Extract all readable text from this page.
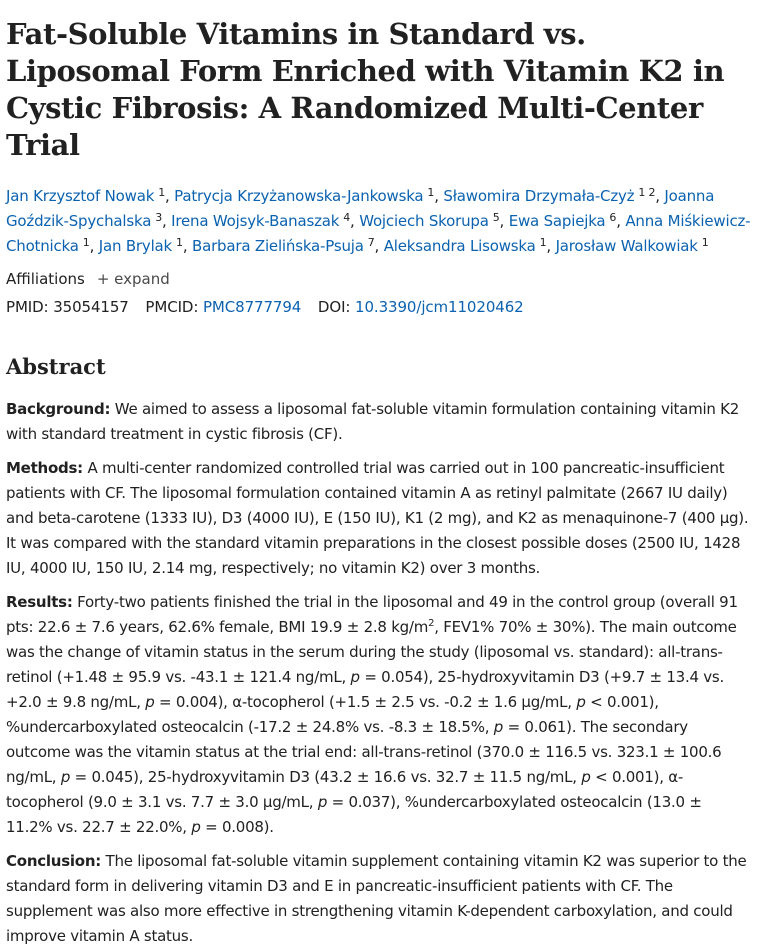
Fat-Soluble Vitamins in Standard vs. Liposomal Form Enriched with Vitamin K2 in Cystic Fibrosis: A Randomized Multi-Center Trial
Jan Krzysztof Nowak $^1$, Patrycja Krzyżanowska-Jankowska $^1$, Sławomira Drzymała-Czyż $^{1 2}$, Joanna Goździk-Spychalska $^3$, Irena Wojsyk-Banaszak $^4$, Wojciech Skorupa $^5$, Ewa Sapiejka $^6$, Anna Miśkiewicz-Chotnicka $^1$, Jan Brylak $^1$, Barbara Zielińska-Psuja $^7$, Aleksandra Lisowska $^1$, Jarosław Walkowiak $^1$
Affiliations + expand
PMID: 35054157 PMCID: PMC8777794 DOI: 10.3390/jcm11020462
Abstract

Background: We aimed to assess a liposomal fat-soluble vitamin formulation containing vitamin K2 with standard treatment in cystic fibrosis (CF).

Methods: A multi-center randomized controlled trial was carried out in 100 pancreatic-insufficient patients with CF. The liposomal formulation contained vitamin A as retinyl palmitate (2667 IU daily) and beta-carotene (1333 IU), D3 (4000 IU), E (150 IU), K1 (2 mg), and K2 as menaquinone-7 (400 µg). It was compared with the standard vitamin preparations in the closest possible doses (2500 IU, 1428 IU, 4000 IU, 150 IU, 2.14 mg, respectively; no vitamin K2) over 3 months.

Results: Forty-two patients finished the trial in the liposomal and 49 in the control group (overall 91 pts: 22.6 ± 7.6 years, 62.6% female, BMI 19.9 ± 2.8 $kg/m^2$, FEV1% 70% ± 30%). The main outcome was the change of vitamin status in the serum during the study (liposomal vs. standard): all-trans-retinol (+1.48 ± 95.9 vs. -43.1 ± 121.4 ng/mL, p = 0.054), 25-hydroxyvitamin D3 (+9.7 ± 13.4 vs. +2.0 ± 9.8 ng/mL, p = 0.004), α-tocopherol (+1.5 ± 2.5 vs. -0.2 ± 1.6 µg/mL, p < 0.001), %undercarboxylated osteocalcin (-17.2 ± 24.8% vs. -8.3 ± 18.5%, p = 0.061). The secondary outcome was the vitamin status at the trial end: all-trans-retinol (370.0 ± 116.5 vs. 323.1 ± 100.6 ng/mL, p = 0.045), 25-hydroxyvitamin D3 (43.2 ± 16.6 vs. 32.7 ± 11.5 ng/mL, p < 0.001), α-tocopherol (9.0 ± 3.1 vs. 7.7 ± 3.0 µg/mL, p = 0.037), %undercarboxylated osteocalcin (13.0 ± 11.2% vs. 22.7 ± 22.0%, p = 0.008).

Conclusion: The liposomal fat-soluble vitamin supplement containing vitamin K2 was superior to the standard form in delivering vitamin D3 and E in pancreatic-insufficient patients with CF. The supplement was also more effective in strengthening vitamin K-dependent carboxylation, and could improve vitamin A status.
